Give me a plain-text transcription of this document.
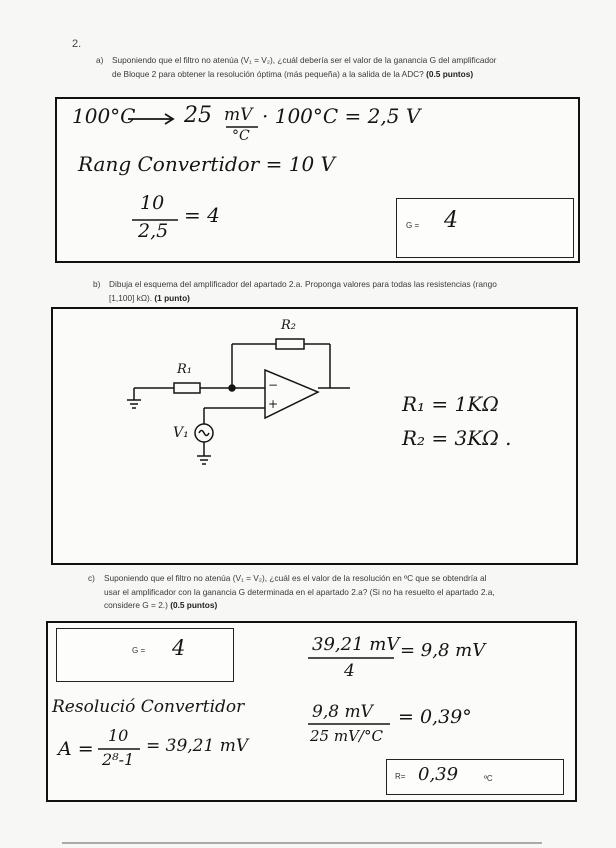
2.
a) Suponiendo que el filtro no atenúa (V₁ = V₂), ¿cuál debería ser el valor de la ganancia G del amplificador
de Bloque 2 para obtener la resolución óptima (más pequeña) a la salida de la ADC? (0.5 puntos)
100°C 25 mV
°C
· 100°C = 2,5 V
Rang Convertidor = 10 V
10
2,5
= 4	G = 4
b) Dibuja el esquema del amplificador del apartado 2.a. Proponga valores para todas las resistencias (rango
[1,100] kΩ). (1 punto)
R₂
R₁
V₁
−
+	R₁ = 1KΩ
R₂ = 3KΩ .
c) Suponiendo que el filtro no atenúa (V₁ = V₂), ¿cuál es el valor de la resolución en ºC que se obtendría al
usar el amplificador con la ganancia G determinada en el apartado 2.a? (Si no ha resuelto el apartado 2.a,
considere G = 2.) (0.5 puntos)
G = 4
Resolució Convertidor
A =
10
2⁸-1
= 39,21 mV
39,21 mV
4
= 9,8 mV
9,8 mV
25 mV/°C
= 0,39°
R= 0,39	ºC
